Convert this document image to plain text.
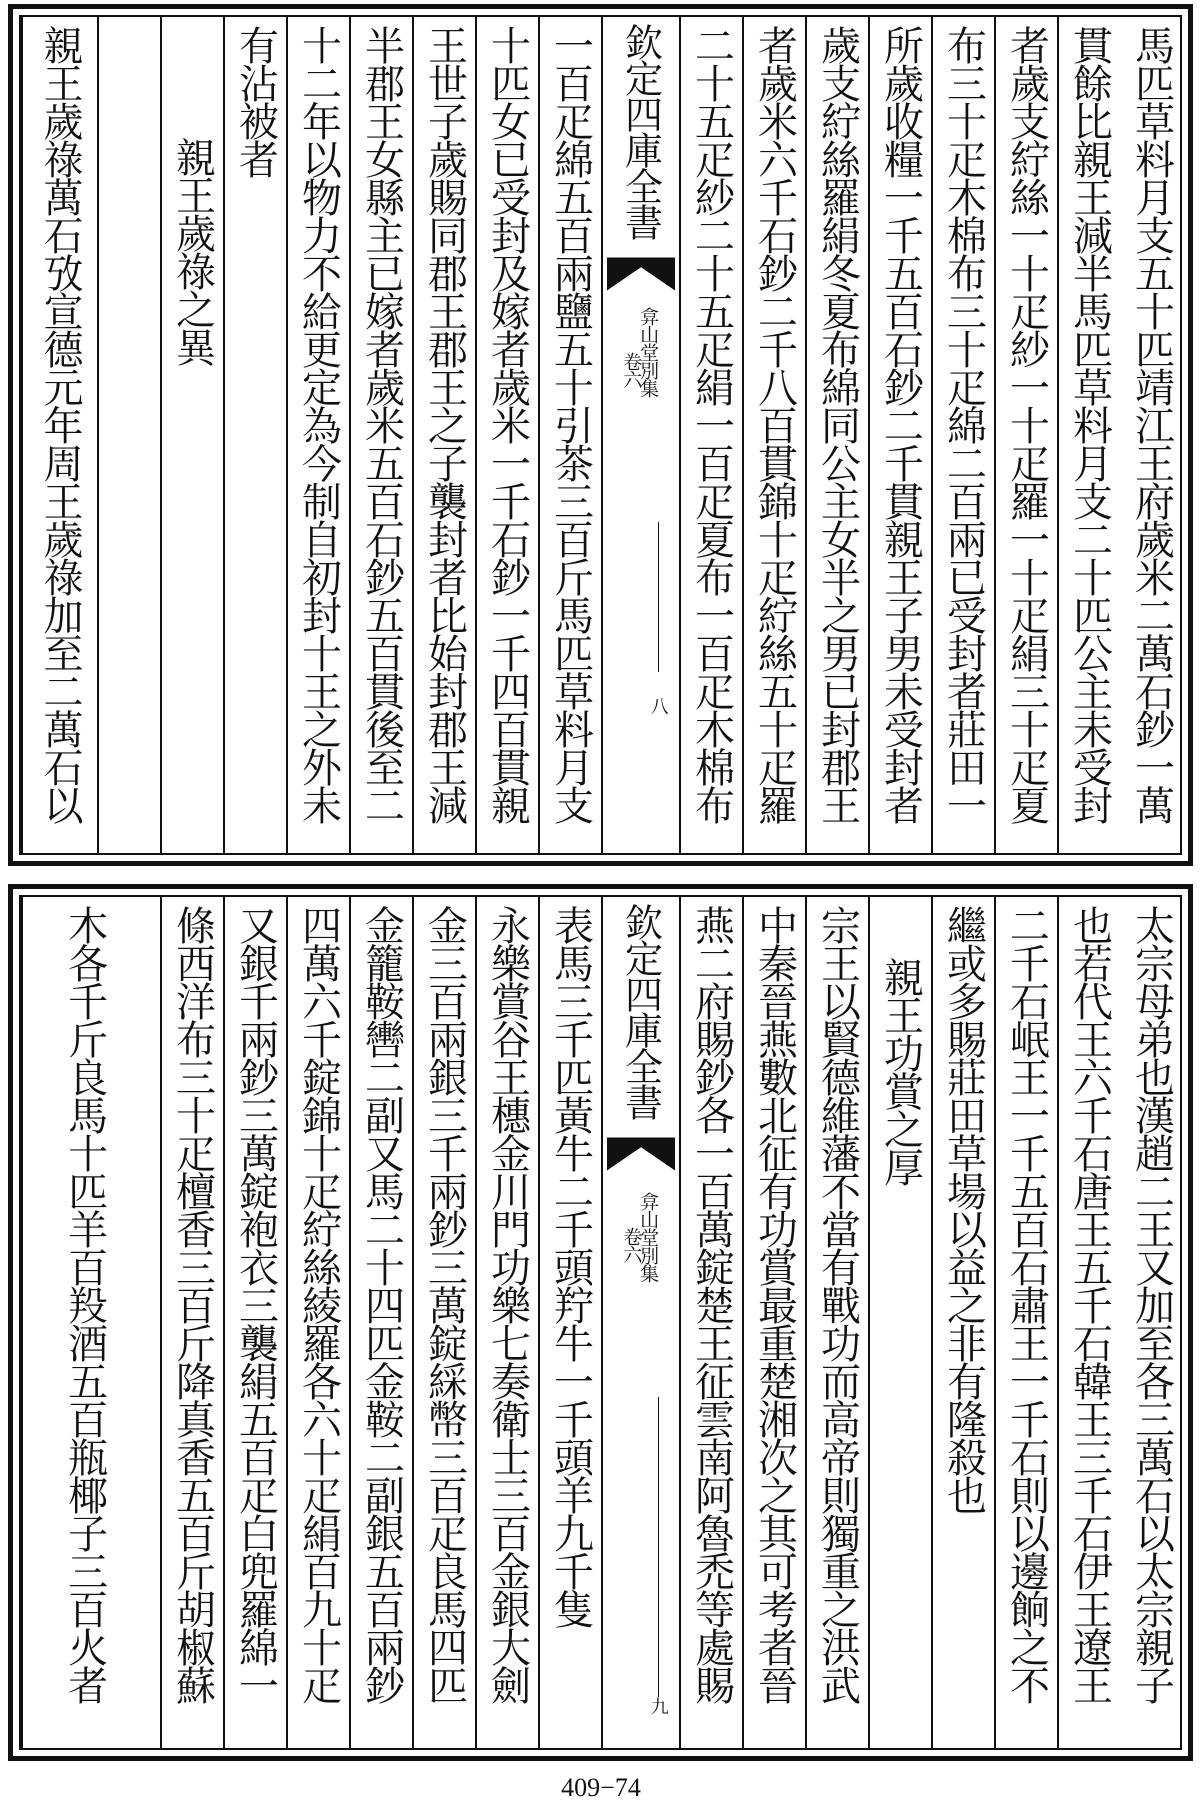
馬匹草料月支五十匹靖江王府歲米二萬石鈔一萬
貫餘比親王減半馬匹草料月支二十匹公主未受封
者歲支紵絲一十疋紗一十疋羅一十疋絹三十疋夏
布三十疋木棉布三十疋綿二百兩已受封者莊田一
所歲收糧一千五百石鈔二千貫親王子男未受封者
歲支紵絲羅絹冬夏布綿同公主女半之男已封郡王
者歲米六千石鈔二千八百貫錦十疋紵絲五十疋羅
二十五疋紗二十五疋絹一百疋夏布一百疋木棉布
欽定四庫全書
弇山堂別集
卷六
八
一百疋綿五百兩鹽五十引茶三百斤馬匹草料月支
十匹女已受封及嫁者歲米一千石鈔一千四百貫親
王世子歲賜同郡王郡王之子襲封者比始封郡王減
半郡王女縣主已嫁者歲米五百石鈔五百貫後至二
十二年以物力不給更定為今制自初封十王之外未
有沾被者
親王歲祿之異
親王歲祿萬石攷宣德元年周王歲祿加至二萬石以
太宗母弟也漢趙二王又加至各三萬石以太宗親子
也若代王六千石唐王五千石韓王三千石伊王遼王
二千石岷王一千五百石肅王一千石則以邊餉之不
繼或多賜莊田草場以益之非有隆殺也
親王功賞之厚
宗王以賢德維藩不當有戰功而高帝則獨重之洪武
中秦晉燕數北征有功賞最重楚湘次之其可考者晉
燕二府賜鈔各一百萬錠楚王征雲南阿魯禿等處賜
欽定四庫全書
弇山堂別集
卷六
九
表馬三千匹黃牛二千頭羜牛一千頭羊九千隻
永樂賞谷王橞金川門功樂七奏衛士三百金銀大劍
金三百兩銀三千兩鈔三萬錠綵幣三百疋良馬四匹
金籠鞍轡二副又馬二十四匹金鞍二副銀五百兩鈔
四萬六千錠錦十疋紵絲綾羅各六十疋絹百九十疋
又銀千兩鈔三萬錠袍衣三襲絹五百疋白兜羅綿一
條西洋布三十疋檀香三百斤降真香五百斤胡椒蘇
木各千斤良馬十匹羊百羖酒五百瓶椰子三百火者
409−74
